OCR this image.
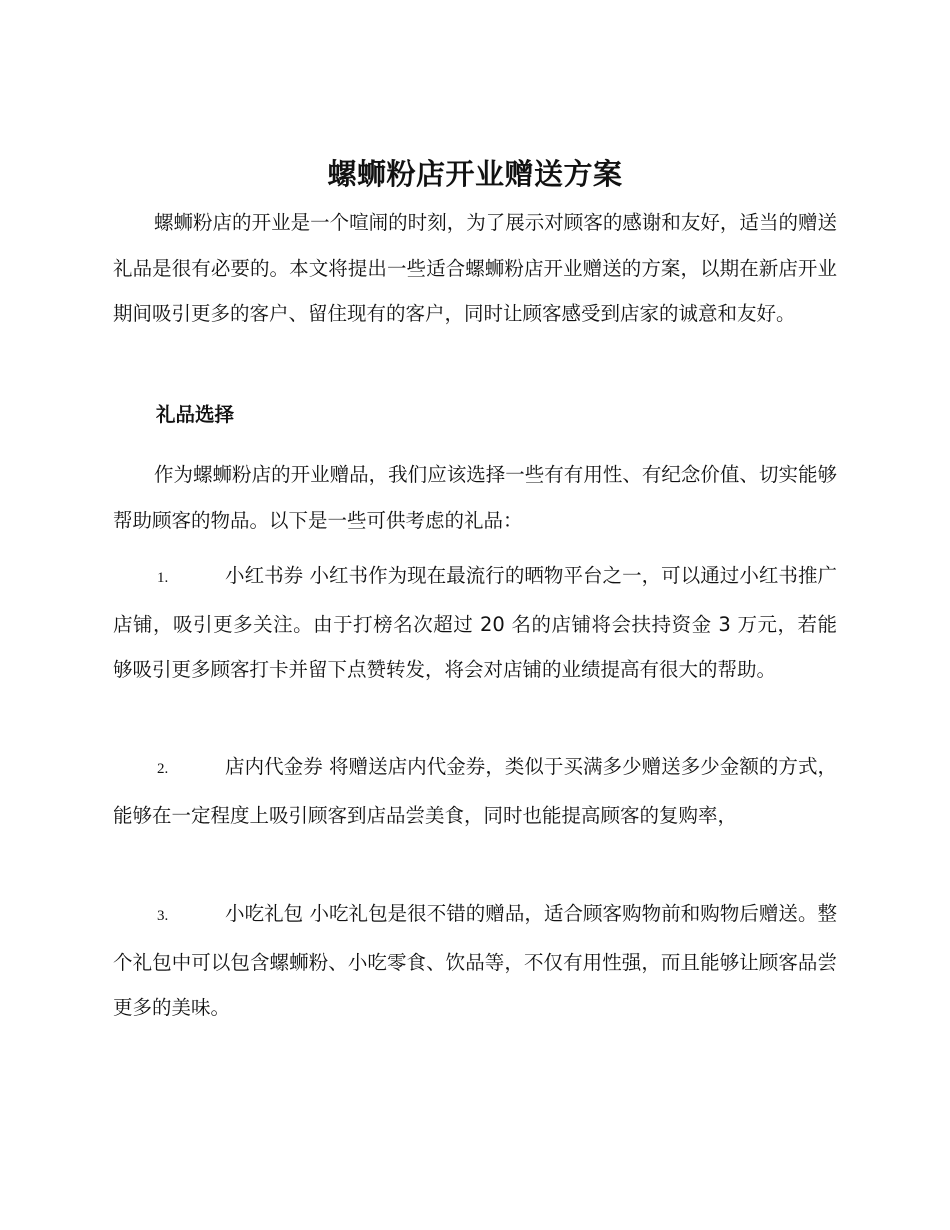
螺蛳粉店开业赠送方案

螺蛳粉店的开业是一个喧闹的时刻，为了展示对顾客的感谢和友好，适当的赠送礼品是很有必要的。本文将提出一些适合螺蛳粉店开业赠送的方案，以期在新店开业期间吸引更多的客户、留住现有的客户，同时让顾客感受到店家的诚意和友好。

礼品选择

作为螺蛳粉店的开业赠品，我们应该选择一些有有用性、有纪念价值、切实能够帮助顾客的物品。以下是一些可供考虑的礼品：

1.	小红书券 小红书作为现在最流行的晒物平台之一，可以通过小红书推广店铺，吸引更多关注。由于打榜名次超过 20 名的店铺将会扶持资金 3 万元，若能够吸引更多顾客打卡并留下点赞转发，将会对店铺的业绩提高有很大的帮助。

2.	店内代金券 将赠送店内代金券，类似于买满多少赠送多少金额的方式，能够在一定程度上吸引顾客到店品尝美食，同时也能提高顾客的复购率，

3.	小吃礼包 小吃礼包是很不错的赠品，适合顾客购物前和购物后赠送。整个礼包中可以包含螺蛳粉、小吃零食、饮品等，不仅有用性强，而且能够让顾客品尝更多的美味。
